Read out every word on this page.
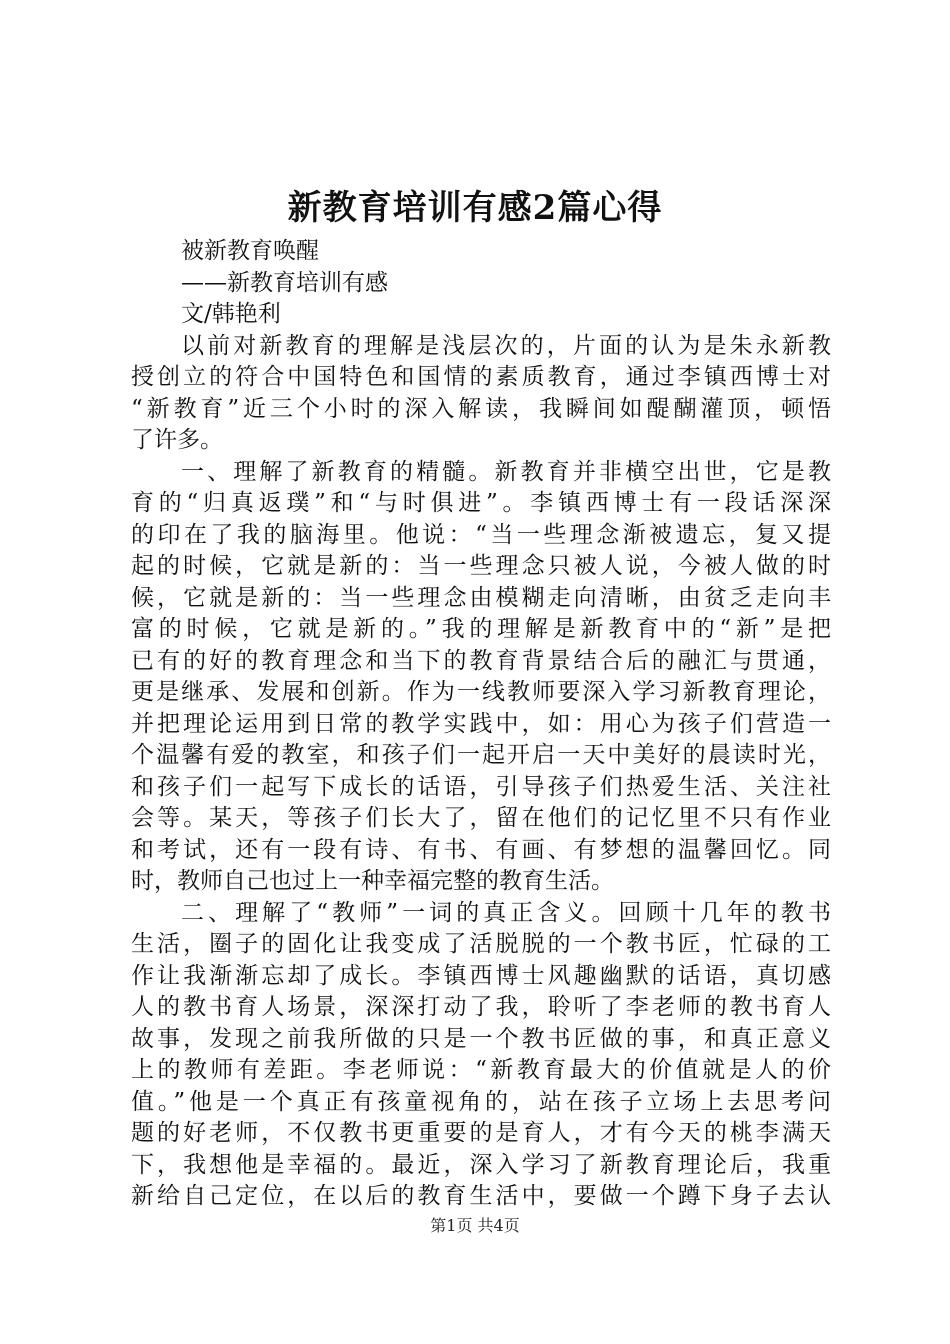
新教育培训有感2篇心得
被新教育唤醒
——新教育培训有感
文/韩艳利
以前对新教育的理解是浅层次的，片面的认为是朱永新教
授创立的符合中国特色和国情的素质教育，通过李镇西博士对
“新教育”近三个小时的深入解读，我瞬间如醍醐灌顶，顿悟
了许多。
一、理解了新教育的精髓。新教育并非横空出世，它是教
育的“归真返璞”和“与时俱进”。李镇西博士有一段话深深
的印在了我的脑海里。他说：“当一些理念渐被遗忘，复又提
起的时候，它就是新的：当一些理念只被人说，今被人做的时
候，它就是新的：当一些理念由模糊走向清晰，由贫乏走向丰
富的时候，它就是新的。”我的理解是新教育中的“新”是把
已有的好的教育理念和当下的教育背景结合后的融汇与贯通，
更是继承、发展和创新。作为一线教师要深入学习新教育理论，
并把理论运用到日常的教学实践中，如：用心为孩子们营造一
个温馨有爱的教室，和孩子们一起开启一天中美好的晨读时光，
和孩子们一起写下成长的话语，引导孩子们热爱生活、关注社
会等。某天，等孩子们长大了，留在他们的记忆里不只有作业
和考试，还有一段有诗、有书、有画、有梦想的温馨回忆。同
时，教师自己也过上一种幸福完整的教育生活。
二、理解了“教师”一词的真正含义。回顾十几年的教书
生活，圈子的固化让我变成了活脱脱的一个教书匠，忙碌的工
作让我渐渐忘却了成长。李镇西博士风趣幽默的话语，真切感
人的教书育人场景，深深打动了我，聆听了李老师的教书育人
故事，发现之前我所做的只是一个教书匠做的事，和真正意义
上的教师有差距。李老师说：“新教育最大的价值就是人的价
值。”他是一个真正有孩童视角的，站在孩子立场上去思考问
题的好老师，不仅教书更重要的是育人，才有今天的桃李满天
下，我想他是幸福的。最近，深入学习了新教育理论后，我重
新给自己定位，在以后的教育生活中，要做一个蹲下身子去认
第1页 共4页
